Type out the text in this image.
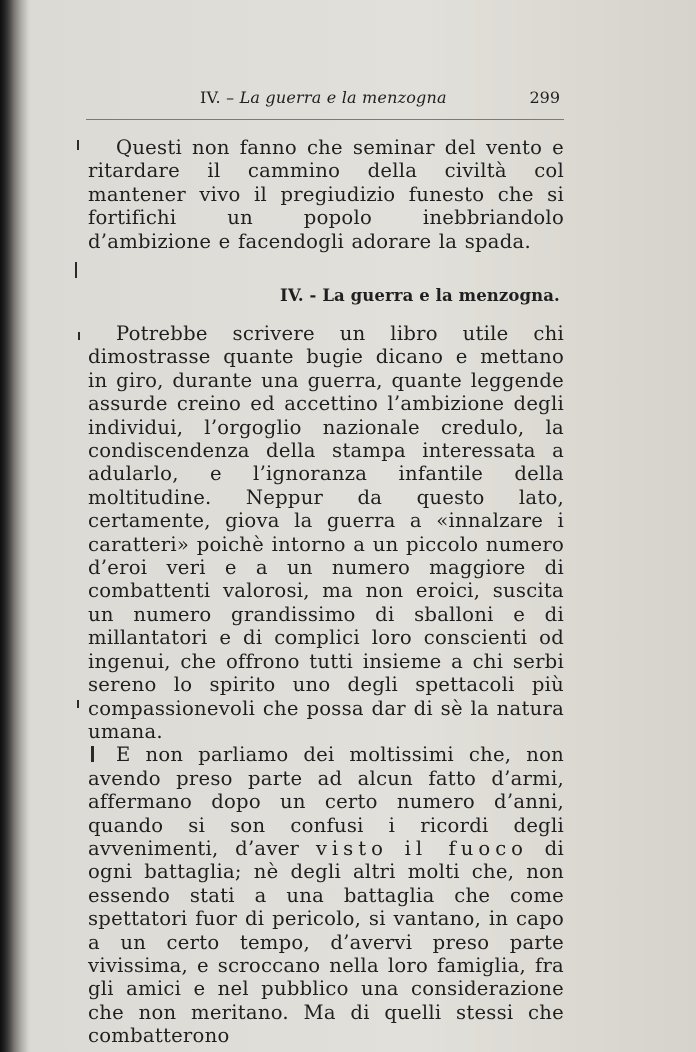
IV. – La guerra e la menzogna	299

Questi non fanno che seminar del vento e ritardare il cammino della civiltà col mantener vivo il pregiudizio funesto che si fortifichi un popolo inebbriandolo d’ambizione e facendogli adorare la spada.

IV. - La guerra e la menzogna.

Potrebbe scrivere un libro utile chi dimostrasse quante bugie dicano e mettano in giro, durante una guerra, quante leggende assurde creino ed accettino l’ambizione degli individui, l’orgoglio nazionale credulo, la condiscendenza della stampa interessata a adularlo, e l’ignoranza infantile della moltitudine. Neppur da questo lato, certamente, giova la guerra a «innalzare i caratteri» poichè intorno a un piccolo numero d’eroi veri e a un numero maggiore di combattenti valorosi, ma non eroici, suscita un numero grandissimo di sballoni e di millantatori e di complici loro conscienti od ingenui, che offrono tutti insieme a chi serbi sereno lo spirito uno degli spettacoli più compassionevoli che possa dar di sè la natura umana.

E non parliamo dei moltissimi che, non avendo preso parte ad alcun fatto d’armi, affermano dopo un certo numero d’anni, quando si son confusi i ricordi degli avvenimenti, d’aver visto il fuoco di ogni battaglia; nè degli altri molti che, non essendo stati a una battaglia che come spettatori fuor di pericolo, si vantano, in capo a un certo tempo, d’avervi preso parte vivissima, e scroccano nella loro famiglia, fra gli amici e nel pubblico una considerazione che non meritano. Ma di quelli stessi che combatterono
